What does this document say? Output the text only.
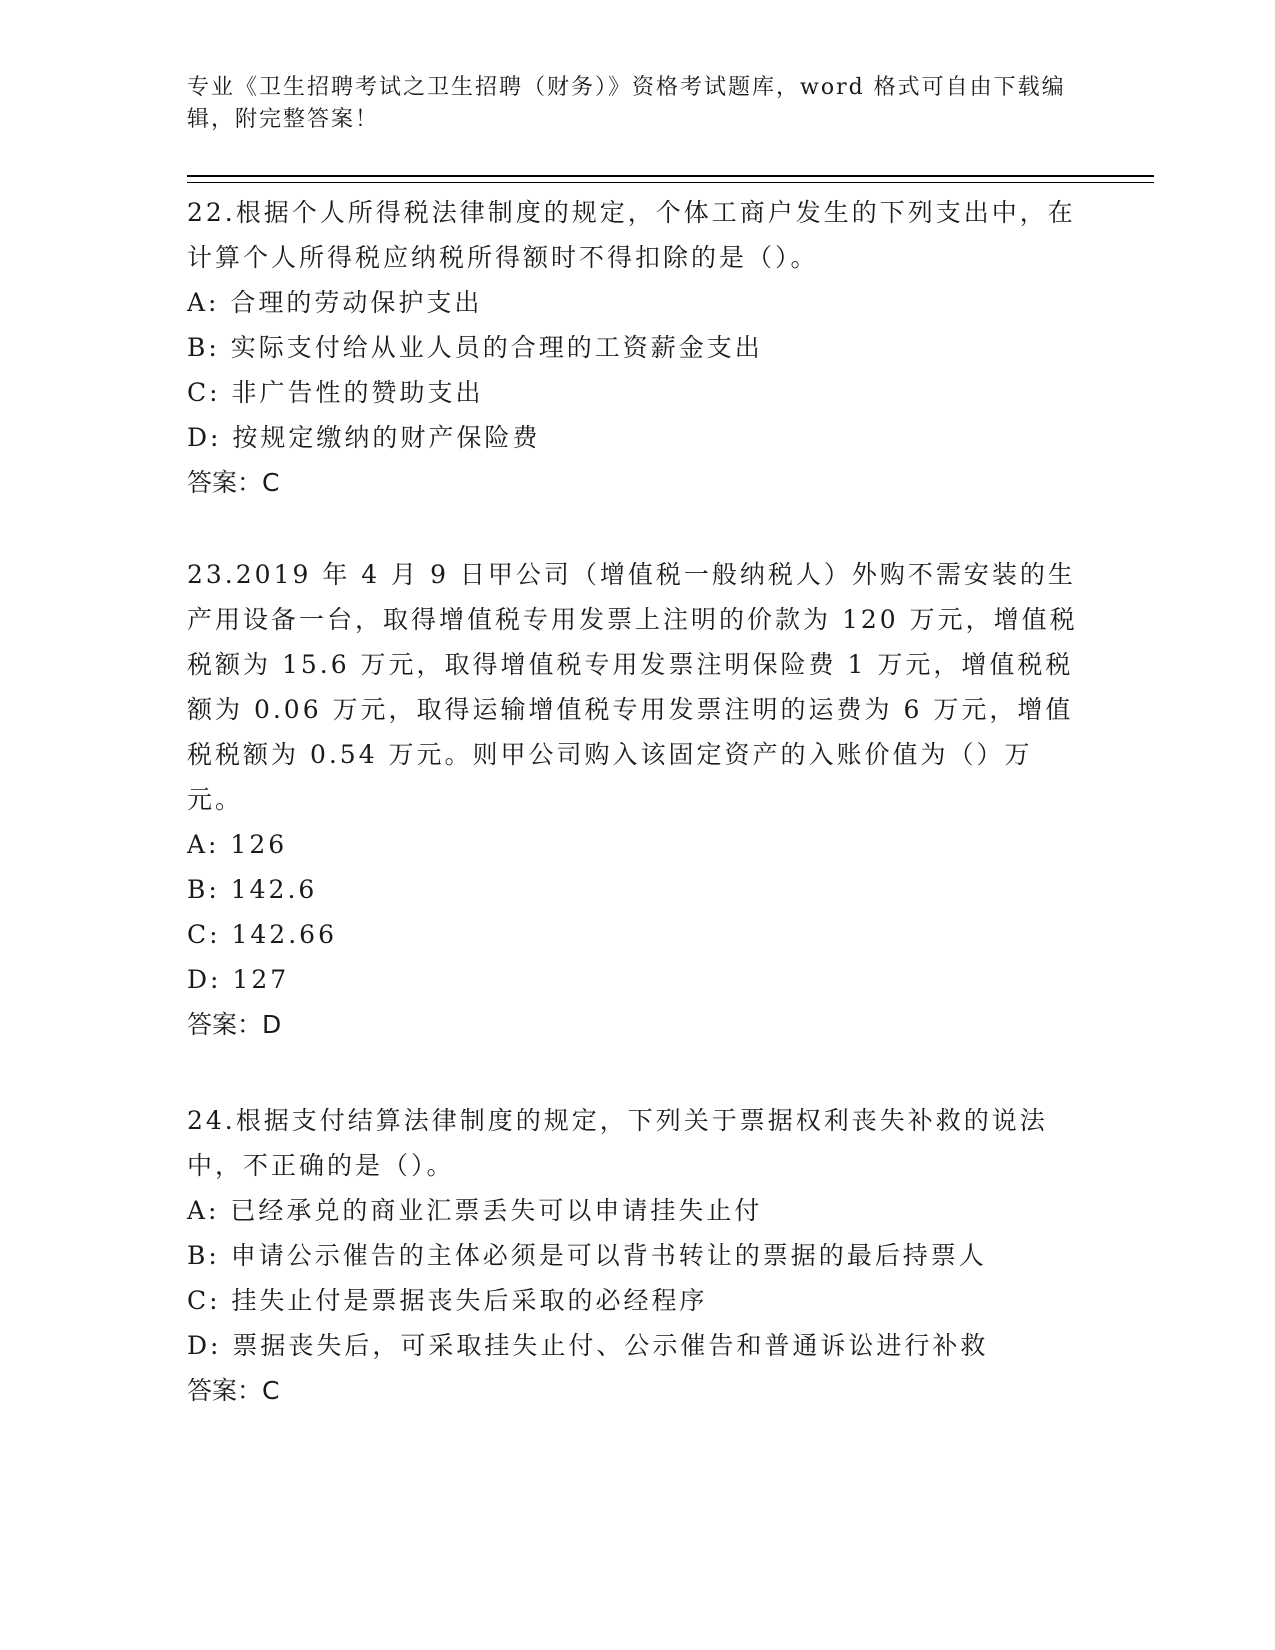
专业《卫生招聘考试之卫生招聘（财务）》资格考试题库，word 格式可自由下载编辑，附完整答案！

22.根据个人所得税法律制度的规定，个体工商户发生的下列支出中，在计算个人所得税应纳税所得额时不得扣除的是（）。

A: 合理的劳动保护支出

B: 实际支付给从业人员的合理的工资薪金支出

C: 非广告性的赞助支出

D: 按规定缴纳的财产保险费

答案：C

23.2019 年 4 月 9 日甲公司（增值税一般纳税人）外购不需安装的生产用设备一台，取得增值税专用发票上注明的价款为 120 万元，增值税税额为 15.6 万元，取得增值税专用发票注明保险费 1 万元，增值税税额为 0.06 万元，取得运输增值税专用发票注明的运费为 6 万元，增值税税额为 0.54 万元。则甲公司购入该固定资产的入账价值为（）万元。

A: 126

B: 142.6

C: 142.66

D: 127

答案：D

24.根据支付结算法律制度的规定，下列关于票据权利丧失补救的说法中，不正确的是（）。

A: 已经承兑的商业汇票丢失可以申请挂失止付

B: 申请公示催告的主体必须是可以背书转让的票据的最后持票人

C: 挂失止付是票据丧失后采取的必经程序

D: 票据丧失后，可采取挂失止付、公示催告和普通诉讼进行补救

答案：C
